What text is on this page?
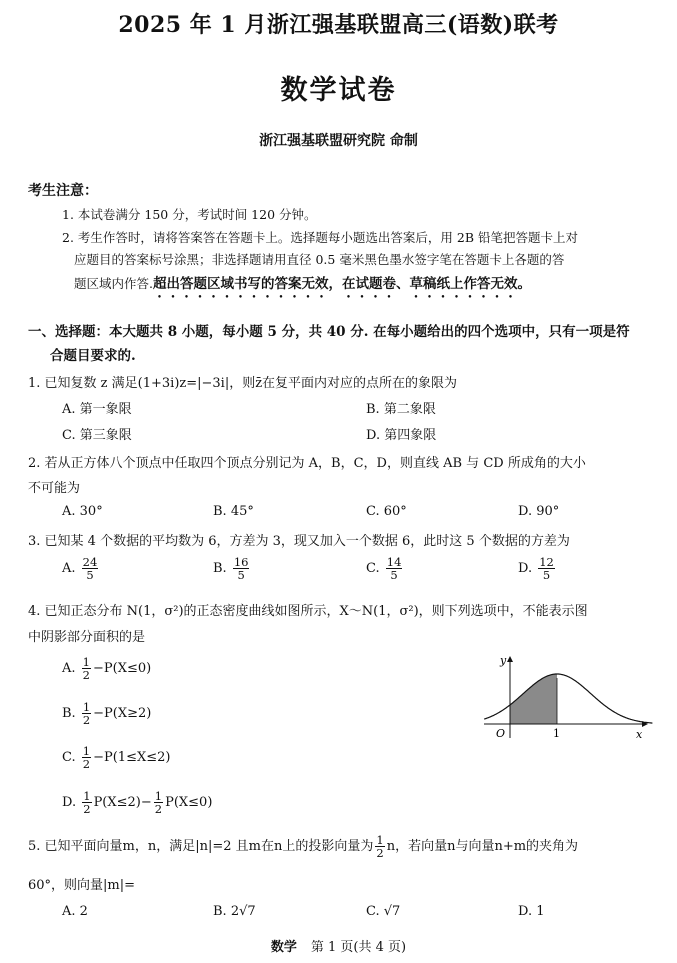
2025 年 1 月浙江强基联盟高三(语数)联考
数学试卷
浙江强基联盟研究院 命制
考生注意：
1. 本试卷满分 150 分，考试时间 120 分钟。
2. 考生作答时，请将答案答在答题卡上。选择题每小题选出答案后，用 2B 铅笔把答题卡上对
应题目的答案标号涂黑；非选择题请用直径 0.5 毫米黑色墨水签字笔在答题卡上各题的答
题区域内作答.超出答题区域书写的答案无效，在试题卷、草稿纸上作答无效。
一、选择题：本大题共 8 小题，每小题 5 分，共 40 分. 在每小题给出的四个选项中，只有一项是符
合题目要求的.
1. 已知复数 z 满足(1+3i)z=|−3i|，则z̄在复平面内对应的点所在的象限为
A. 第一象限	B. 第二象限
C. 第三象限	D. 第四象限
2. 若从正方体八个顶点中任取四个顶点分别记为 A，B，C，D，则直线 AB 与 CD 所成角的大小
不可能为
A. 30°	B. 45°	C. 60°	D. 90°
3. 已知某 4 个数据的平均数为 6，方差为 3，现又加入一个数据 6，此时这 5 个数据的方差为
A. $\frac{24}{5}$	B. $\frac{16}{5}$	C. $\frac{14}{5}$	D. $\frac{12}{5}$
4. 已知正态分布 N(1，σ²)的正态密度曲线如图所示，X～N(1，σ²)，则下列选项中，不能表示图
中阴影部分面积的是
A. $\frac{1}{2} -P(X\le 0)$
B. $\frac{1}{2} -P(X\ge 2)$
C. $\frac{1}{2} -P(1\le X\le 2)$
D. $\frac{1}{2} P(X\le 2)- \frac{1}{2} P(X\le 0)$
y
x
O	1
5. 已知平面向量m，n，满足|n|=2 且m在n上的投影向量为 $\frac{1}{2}$ n，若向量n与向量n+m的夹角为
60°，则向量|m|=
A. 2	B. 2√7	C. √7	D. 1
数学 第 1 页(共 4 页)
